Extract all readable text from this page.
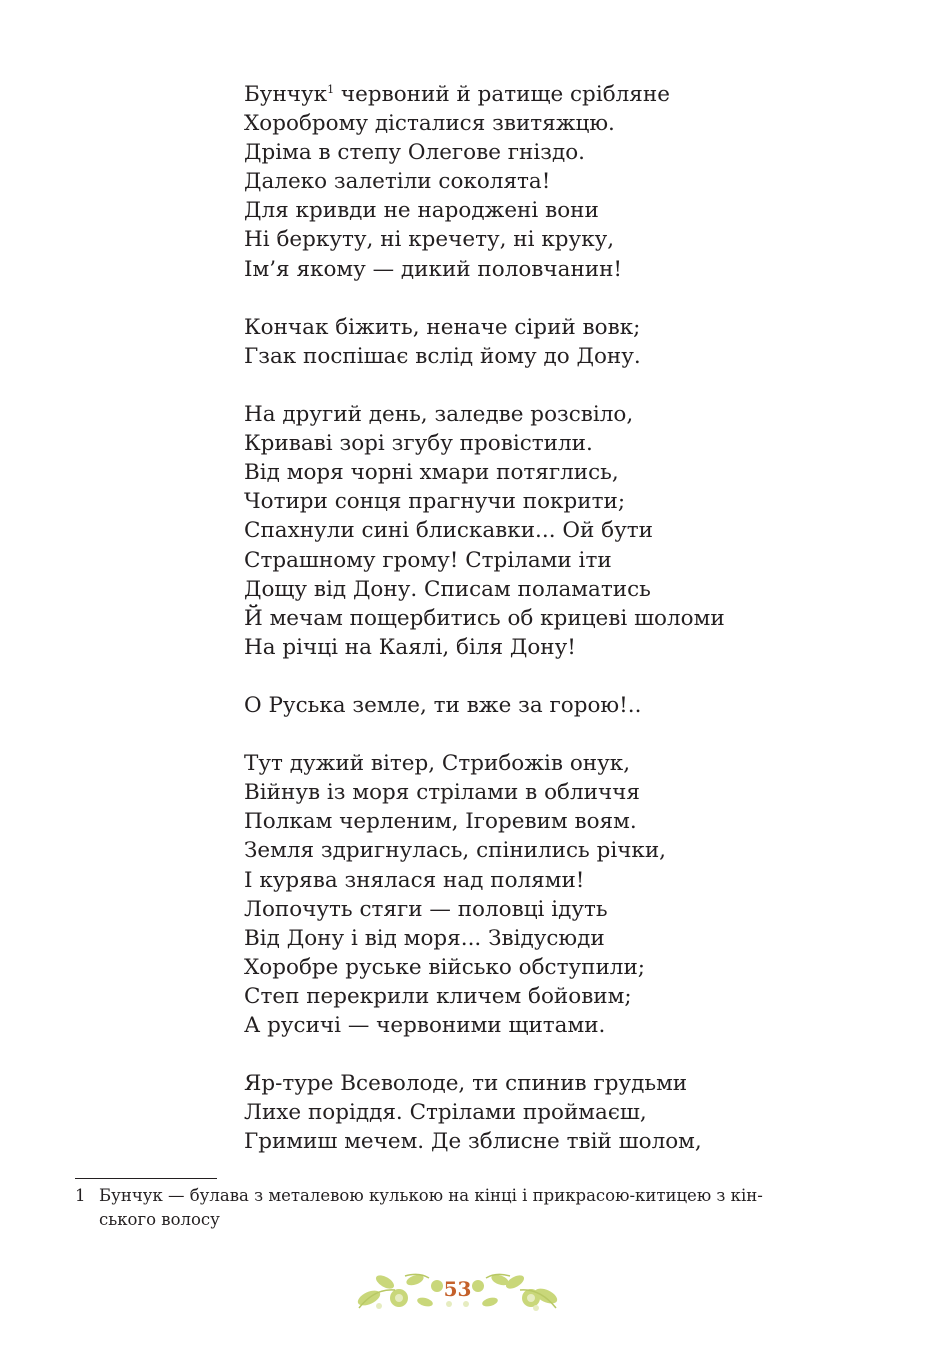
Бунчук$^1$ червоний й ратище срібляне
Хороброму дісталися звитяжцю.
Дріма в степу Олегове гніздо.
Далеко залетіли соколята!
Для кривди не народжені вони
Ні беркуту, ні кречету, ні круку,
Ім’я якому — дикий половчанин!
Кончак біжить, неначе сірий вовк;
Гзак поспішає вслід йому до Дону.
На другий день, заледве розсвіло,
Криваві зорі згубу провістили.
Від моря чорні хмари потяглись,
Чотири сонця прагнучи покрити;
Спахнули сині блискавки... Ой бути
Страшному грому! Стрілами іти
Дощу від Дону. Списам поламатись
Й мечам пощербитись об крицеві шоломи
На річці на Каялі, біля Дону!
О Руська земле, ти вже за горою!..
Тут дужий вітер, Стрибожів онук,
Війнув із моря стрілами в обличчя
Полкам черленим, Ігоревим воям.
Земля здригнулась, спінились річки,
І курява знялася над полями!
Лопочуть стяги — половці ідуть
Від Дону і від моря... Звідусюди
Хоробре руське військо обступили;
Степ перекрили кличем бойовим;
А русичі — червоними щитами.
Яр-туре Всеволоде, ти спинив грудьми
Лихе поріддя. Стрілами проймаєш,
Гримиш мечем. Де зблисне твій шолом,
1 Бунчук — булава з металевою кулькою на кінці і прикрасою-китицею з кін-
ського волосу
53
